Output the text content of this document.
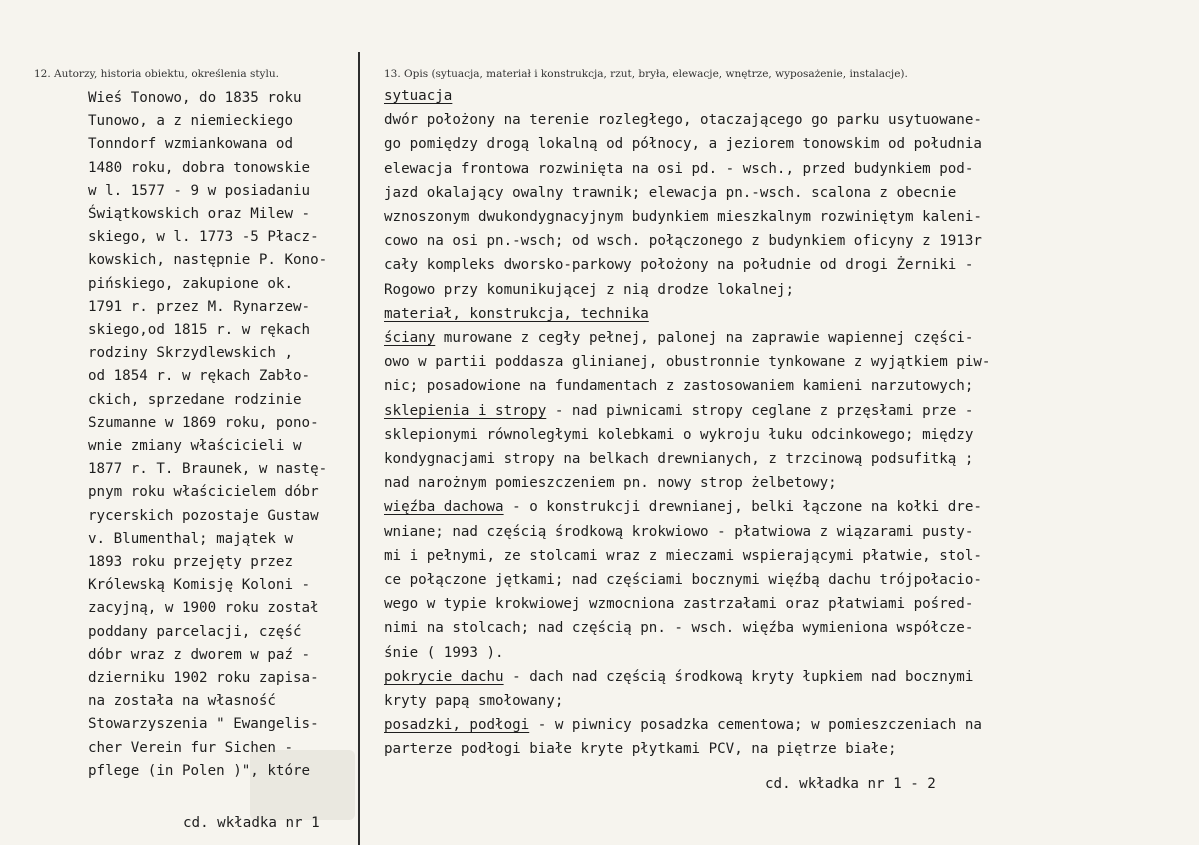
12. Autorzy, historia obiektu, określenia stylu.	13. Opis (sytuacja, materiał i konstrukcja, rzut, bryła, elewacje, wnętrze, wyposażenie, instalacje).
Wieś Tonowo, do 1835 roku
Tunowo, a z niemieckiego
Tonndorf wzmiankowana od
1480 roku, dobra tonowskie
w l. 1577 - 9 w posiadaniu
Świątkowskich oraz Milew -
skiego, w l. 1773 -5 Płacz-
kowskich, następnie P. Kono-
pińskiego, zakupione ok.
1791 r. przez M. Rynarzew-
skiego,od 1815 r. w rękach
rodziny Skrzydlewskich ,
od 1854 r. w rękach Zabło-
ckich, sprzedane rodzinie
Szumanne w 1869 roku, pono-
wnie zmiany właścicieli w
1877 r. T. Braunek, w nastę-
pnym roku właścicielem dóbr
rycerskich pozostaje Gustaw
v. Blumenthal; majątek w
1893 roku przejęty przez
Królewską Komisję Koloni -
zacyjną, w 1900 roku został
poddany parcelacji, część
dóbr wraz z dworem w paź -
dzierniku 1902 roku zapisa-
na została na własność
Stowarzyszenia " Ewangelis-
cher Verein fur Sichen -
pflege (in Polen )", które
sytuacja
dwór położony na terenie rozległego, otaczającego go parku usytuowane-
go pomiędzy drogą lokalną od północy, a jeziorem tonowskim od południa
elewacja frontowa rozwinięta na osi pd. - wsch., przed budynkiem pod-
jazd okalający owalny trawnik; elewacja pn.-wsch. scalona z obecnie
wznoszonym dwukondygnacyjnym budynkiem mieszkalnym rozwiniętym kaleni-
cowo na osi pn.-wsch; od wsch. połączonego z budynkiem oficyny z 1913r
cały kompleks dworsko-parkowy położony na południe od drogi Żerniki -
Rogowo przy komunikującej z nią drodze lokalnej;
materiał, konstrukcja, technika
ściany murowane z cegły pełnej, palonej na zaprawie wapiennej części-
owo w partii poddasza glinianej, obustronnie tynkowane z wyjątkiem piw-
nic; posadowione na fundamentach z zastosowaniem kamieni narzutowych;
sklepienia i stropy - nad piwnicami stropy ceglane z przęsłami prze -
sklepionymi równoległymi kolebkami o wykroju łuku odcinkowego; między
kondygnacjami stropy na belkach drewnianych, z trzcinową podsufitką ;
nad narożnym pomieszczeniem pn. nowy strop żelbetowy;
więźba dachowa - o konstrukcji drewnianej, belki łączone na kołki dre-
wniane; nad częścią środkową krokwiowo - płatwiowa z wiązarami pusty-
mi i pełnymi, ze stolcami wraz z mieczami wspierającymi płatwie, stol-
ce połączone jętkami; nad częściami bocznymi więźbą dachu trójpołacio-
wego w typie krokwiowej wzmocniona zastrzałami oraz płatwiami pośred-
nimi na stolcach; nad częścią pn. - wsch. więźba wymieniona współcze-
śnie ( 1993 ).
pokrycie dachu - dach nad częścią środkową kryty łupkiem nad bocznymi
kryty papą smołowany;
posadzki, podłogi - w piwnicy posadzka cementowa; w pomieszczeniach na
parterze podłogi białe kryte płytkami PCV, na piętrze białe;
cd. wkładka nr 1
cd. wkładka nr 1 - 2
